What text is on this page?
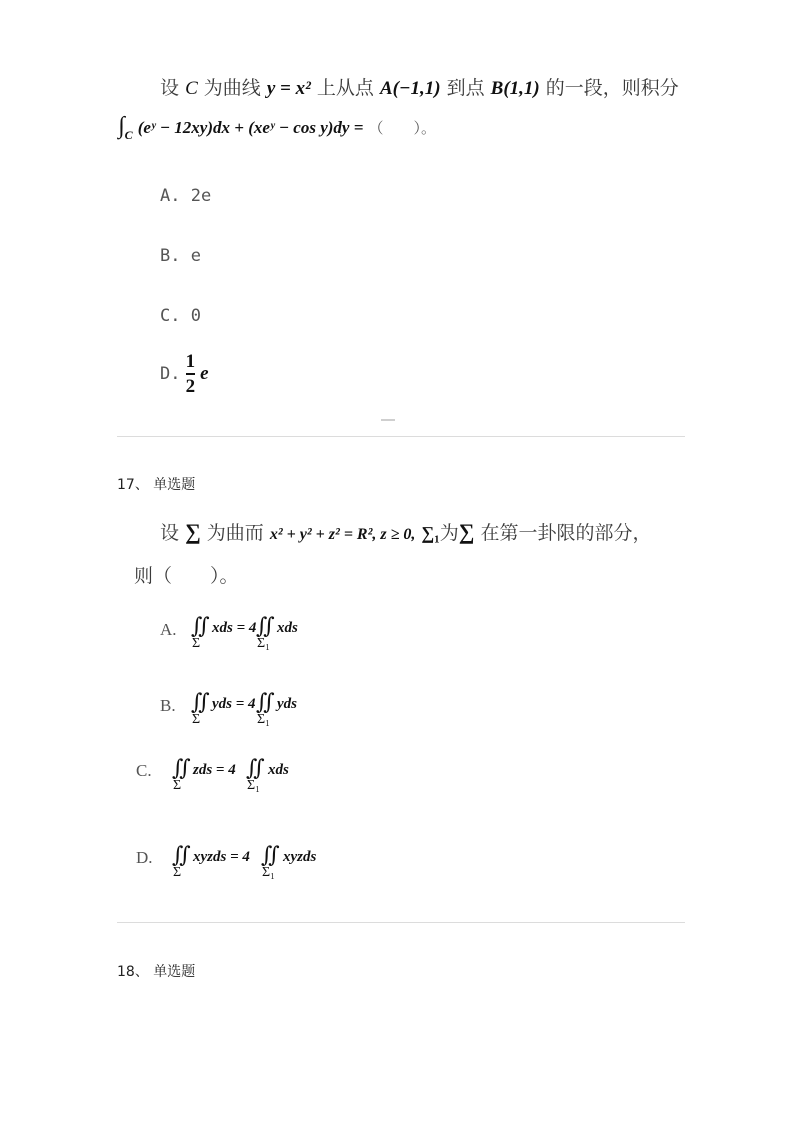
设 C 为曲线 y = x² 上从点 A(−1,1) 到点 B(1,1) 的一段，则积分
$\int_C$ (eʸ − 12xy)dx + (xeʸ − cos y)dy = （　　）。
A. 2e
B. e
C. 0
D. $\frac{1}{2}$ e
17、 单选题
设 ∑ 为曲而 x² + y² + z² = R², z ≥ 0, ∑₁为∑ 在第一卦限的部分，
则（　　）。
A. ∬
Σ
xds = 4 ∬
Σ₁
xds
B. ∬
Σ
yds = 4 ∬
Σ₁
yds
C. ∬
Σ
zds = 4 ∬
Σ₁
xds
D. ∬
Σ
xyzds = 4 ∬
Σ₁
xyzds
18、 单选题
